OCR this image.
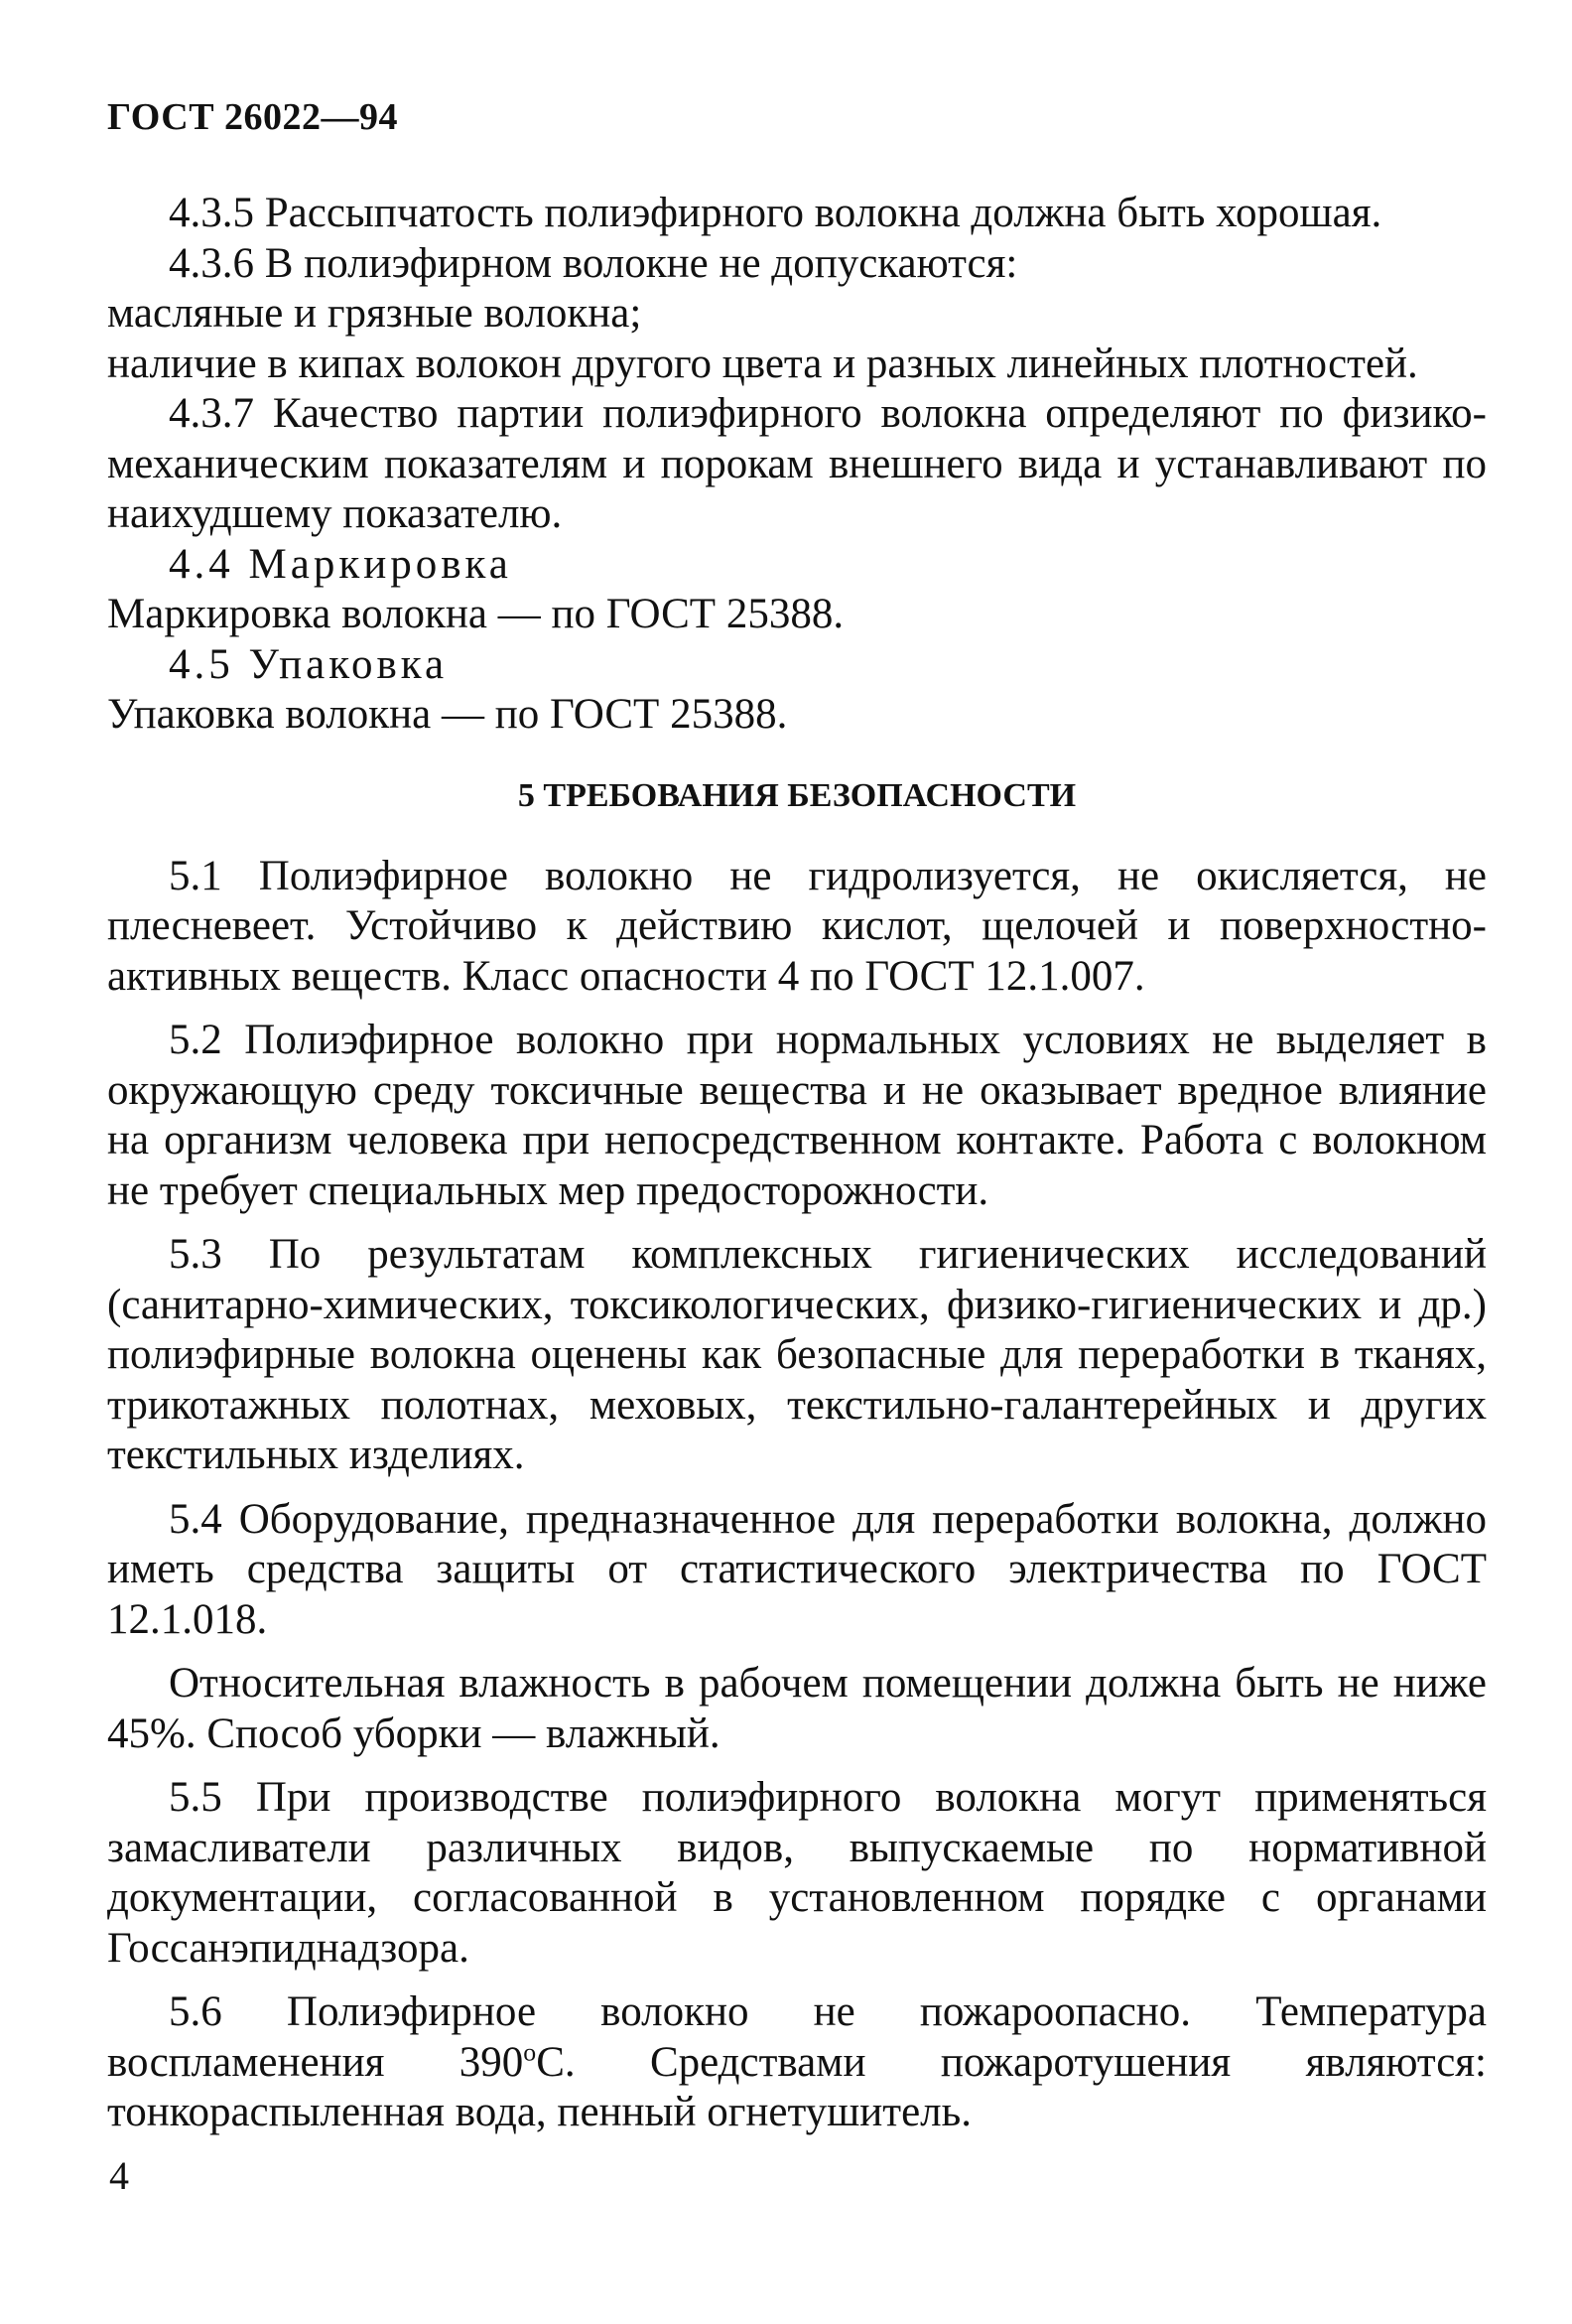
ГОСТ 26022—94

4.3.5 Рассыпчатость полиэфирного волокна должна быть хорошая.

4.3.6 В полиэфирном волокне не допускаются:

масляные и грязные волокна;

наличие в кипах волокон другого цвета и разных линейных плотностей.

4.3.7 Качество партии полиэфирного волокна определяют по физико-механическим показателям и порокам внешнего вида и устанавливают по наихудшему показателю.

4.4 Маркировка

Маркировка волокна — по ГОСТ 25388.

4.5 Упаковка

Упаковка волокна — по ГОСТ 25388.

5 ТРЕБОВАНИЯ БЕЗОПАСНОСТИ

5.1 Полиэфирное волокно не гидролизуется, не окисляется, не плесневеет. Устойчиво к действию кислот, щелочей и поверхностно-активных веществ. Класс опасности 4 по ГОСТ 12.1.007.

5.2 Полиэфирное волокно при нормальных условиях не выделяет в окружающую среду токсичные вещества и не оказывает вредное влияние на организм человека при непосредственном контакте. Работа с волокном не требует специальных мер предосторожности.

5.3 По результатам комплексных гигиенических исследований (санитарно-химических, токсикологических, физико-гигиенических и др.) полиэфирные волокна оценены как безопасные для переработки в тканях, трикотажных полотнах, меховых, текстильно-галантерейных и других текстильных изделиях.

5.4 Оборудование, предназначенное для переработки волокна, должно иметь средства защиты от статистического электричества по ГОСТ 12.1.018.

Относительная влажность в рабочем помещении должна быть не ниже 45%. Способ уборки — влажный.

5.5 При производстве полиэфирного волокна могут применяться замасливатели различных видов, выпускаемые по нормативной документации, согласованной в установленном порядке с органами Госсанэпиднадзора.

5.6 Полиэфирное волокно не пожароопасно. Температура воспламенения $390^оС$. Средствами пожаротушения являются: тонкораспыленная вода, пенный огнетушитель.

4
